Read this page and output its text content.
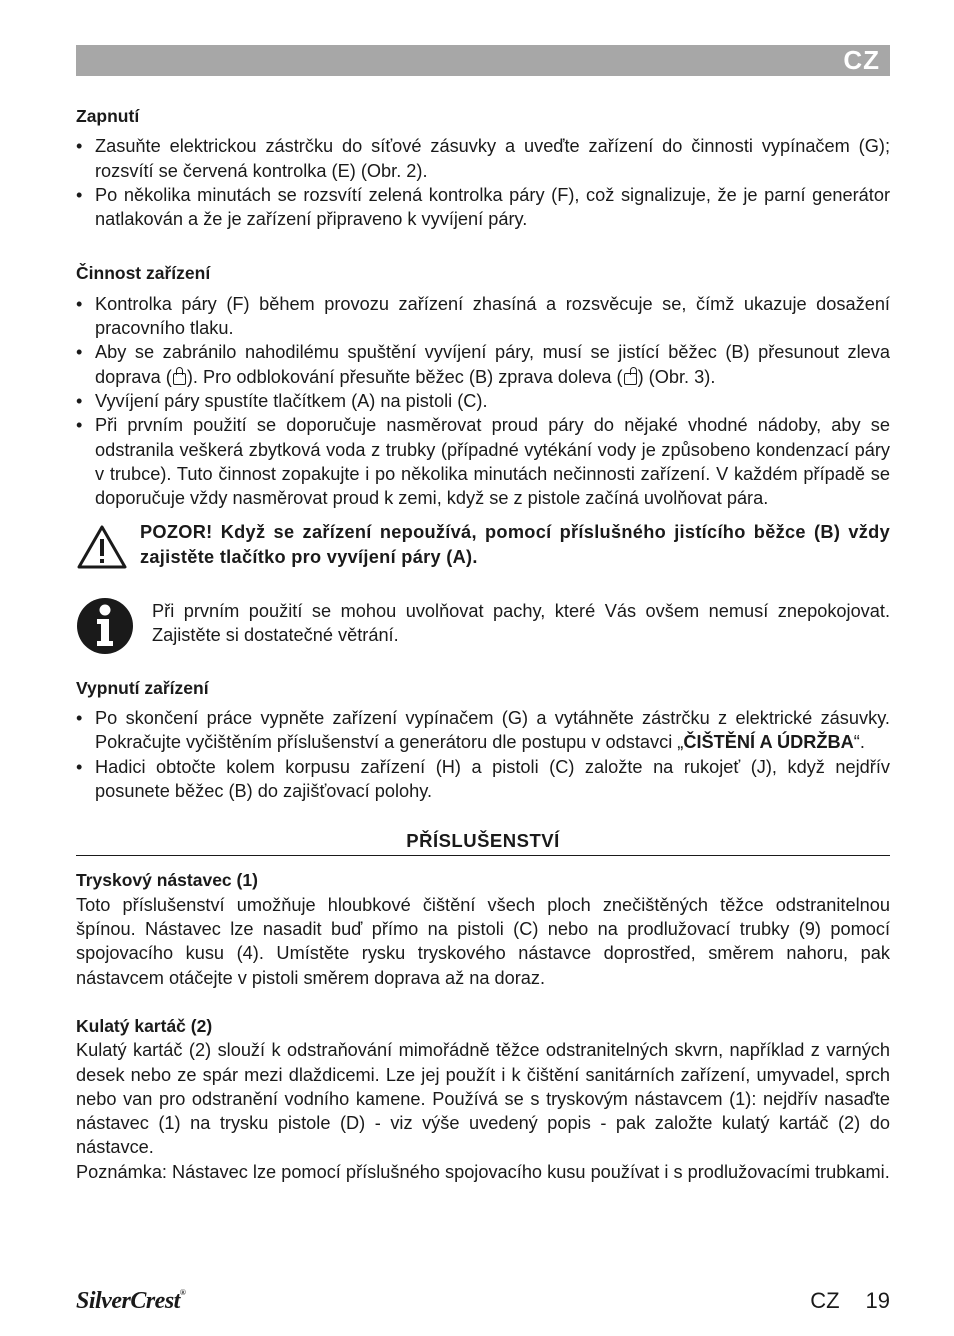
CZ
Zapnutí
• Zasuňte elektrickou zástrčku do síťové zásuvky a uveďte zařízení do činnosti vypínačem (G); rozsvítí se červená kontrolka (E) (Obr. 2).
• Po několika minutách se rozsvítí zelená kontrolka páry (F), což signalizuje, že je parní generátor natlakován a že je zařízení připraveno k vyvíjení páry.
Činnost zařízení
• Kontrolka páry (F) během provozu zařízení zhasíná a rozsvěcuje se, čímž ukazuje dosažení pracovního tlaku.
• Aby se zabránilo nahodilému spuštění vyvíjení páry, musí se jistící běžec (B) přesunout zleva doprava ( ). Pro odblokování přesuňte běžec (B) zprava doleva ( ) (Obr. 3).
• Vyvíjení páry spustíte tlačítkem (A) na pistoli (C).
• Při prvním použití se doporučuje nasměrovat proud páry do nějaké vhodné nádoby, aby se odstranila veškerá zbytková voda z trubky (případné vytékání vody je způsobeno kondenzací páry v trubce). Tuto činnost zopakujte i po několika minutách nečinnosti zařízení. V každém případě se doporučuje vždy nasměrovat proud k zemi, když se z pistole začíná uvolňovat pára.
POZOR! Když se zařízení nepoužívá, pomocí příslušného jistícího běžce (B) vždy zajistěte tlačítko pro vyvíjení páry (A).
Při prvním použití se mohou uvolňovat pachy, které Vás ovšem nemusí znepokojovat. Zajistěte si dostatečné větrání.
Vypnutí zařízení
• Po skončení práce vypněte zařízení vypínačem (G) a vytáhněte zástrčku z elektrické zásuvky. Pokračujte vyčištěním příslušenství a generátoru dle postupu v odstavci „ČIŠTĚNÍ A ÚDRŽBA“.
• Hadici obtočte kolem korpusu zařízení (H) a pistoli (C) založte na rukojeť (J), když nejdřív posunete běžec (B) do zajišťovací polohy.
PŘÍSLUŠENSTVÍ
Tryskový nástavec (1)

Toto příslušenství umožňuje hloubkové čištění všech ploch znečištěných těžce odstranitelnou špínou. Nástavec lze nasadit buď přímo na pistoli (C) nebo na prodlužovací trubky (9) pomocí spojovacího kusu (4). Umístěte rysku tryskového nástavce doprostřed, směrem nahoru, pak nástavcem otáčejte v pistoli směrem doprava až na doraz.

Kulatý kartáč (2)

Kulatý kartáč (2) slouží k odstraňování mimořádně těžce odstranitelných skvrn, například z varných desek nebo ze spár mezi dlaždicemi. Lze jej použít i k čištění sanitárních zařízení, umyvadel, sprch nebo van pro odstranění vodního kamene. Používá se s tryskovým nástavcem (1): nejdřív nasaďte nástavec (1) na trysku pistole (D) - viz výše uvedený popis - pak založte kulatý kartáč (2) do nástavce.

Poznámka: Nástavec lze pomocí příslušného spojovacího kusu používat i s prodlužovacími trubkami.

SilverCrest®	CZ 19
